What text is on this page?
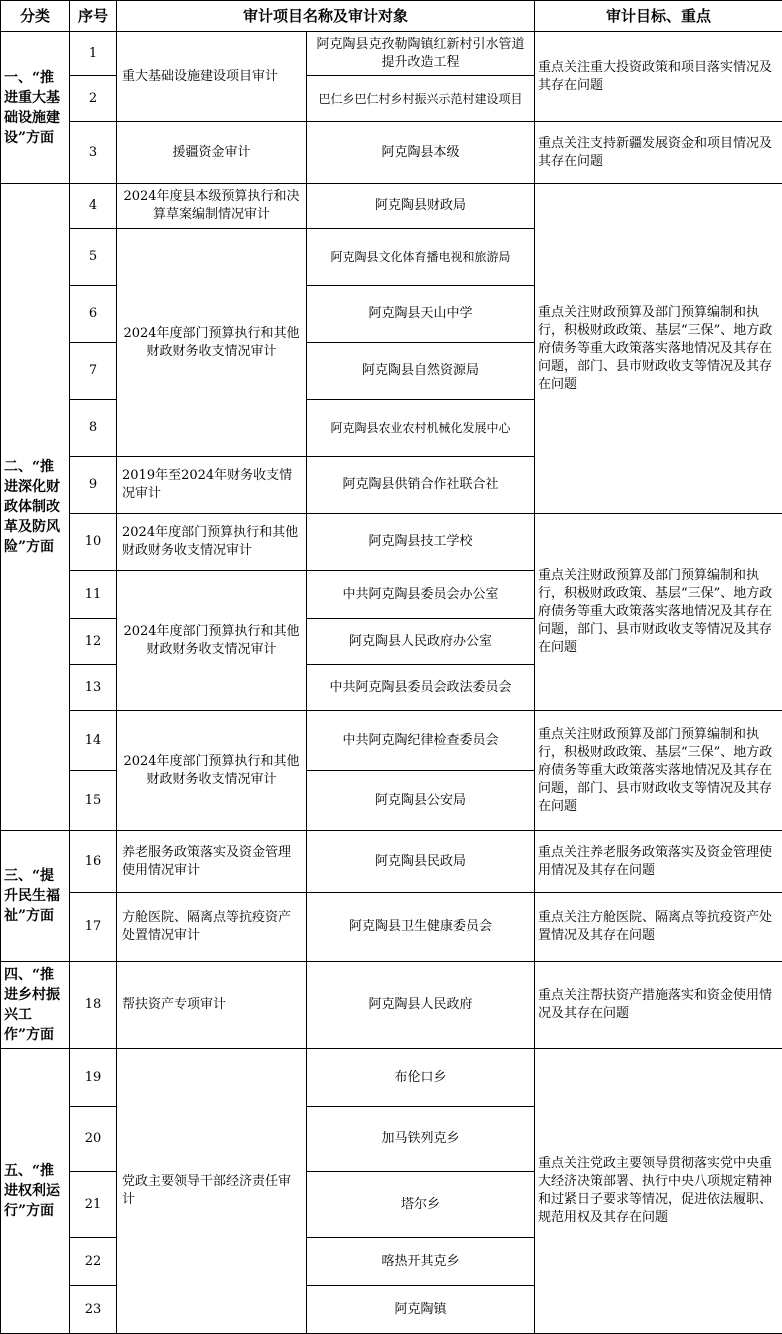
分类	序号	审计项目名称及审计对象		审计目标、重点
一、“推进重大基础设施建设”方面	1	重大基础设施建设项目审计	阿克陶县克孜勒陶镇红新村引水管道提升改造工程	重点关注重大投资政策和项目落实情况及其存在问题
	2		巴仁乡巴仁村乡村振兴示范村建设项目	
	3	援疆资金审计	阿克陶县本级	重点关注支持新疆发展资金和项目情况及其存在问题
二、“推进深化财政体制改革及防风险”方面	4	2024年度县本级预算执行和决算草案编制情况审计	阿克陶县财政局	重点关注财政预算及部门预算编制和执行，积极财政政策、基层“三保”、地方政府债务等重大政策落实落地情况及其存在问题，部门、县市财政收支等情况及其存在问题
	5	2024年度部门预算执行和其他财政财务收支情况审计	阿克陶县文化体育播电视和旅游局	
	6		阿克陶县天山中学	
	7		阿克陶县自然资源局	
	8		阿克陶县农业农村机械化发展中心	
	9	2019年至2024年财务收支情况审计	阿克陶县供销合作社联合社	
	10	2024年度部门预算执行和其他财政财务收支情况审计	阿克陶县技工学校	重点关注财政预算及部门预算编制和执行，积极财政政策、基层“三保”、地方政府债务等重大政策落实落地情况及其存在问题，部门、县市财政收支等情况及其存在问题
	11	2024年度部门预算执行和其他财政财务收支情况审计	中共阿克陶县委员会办公室	
	12		阿克陶县人民政府办公室	
	13		中共阿克陶县委员会政法委员会	
	14	2024年度部门预算执行和其他财政财务收支情况审计	中共阿克陶纪律检查委员会	重点关注财政预算及部门预算编制和执行，积极财政政策、基层“三保”、地方政府债务等重大政策落实落地情况及其存在问题，部门、县市财政收支等情况及其存在问题
	15		阿克陶县公安局	
三、“提升民生福祉”方面	16	养老服务政策落实及资金管理使用情况审计	阿克陶县民政局	重点关注养老服务政策落实及资金管理使用情况及其存在问题
	17	方舱医院、隔离点等抗疫资产处置情况审计	阿克陶县卫生健康委员会	重点关注方舱医院、隔离点等抗疫资产处置情况及其存在问题
四、“推进乡村振兴工作”方面	18	帮扶资产专项审计	阿克陶县人民政府	重点关注帮扶资产措施落实和资金使用情况及其存在问题
五、“推进权利运行”方面	19	党政主要领导干部经济责任审计	布伦口乡	重点关注党政主要领导贯彻落实党中央重大经济决策部署、执行中央八项规定精神和过紧日子要求等情况，促进依法履职、规范用权及其存在问题
	20		加马铁列克乡	
	21		塔尔乡	
	22		喀热开其克乡	
	23		阿克陶镇	
